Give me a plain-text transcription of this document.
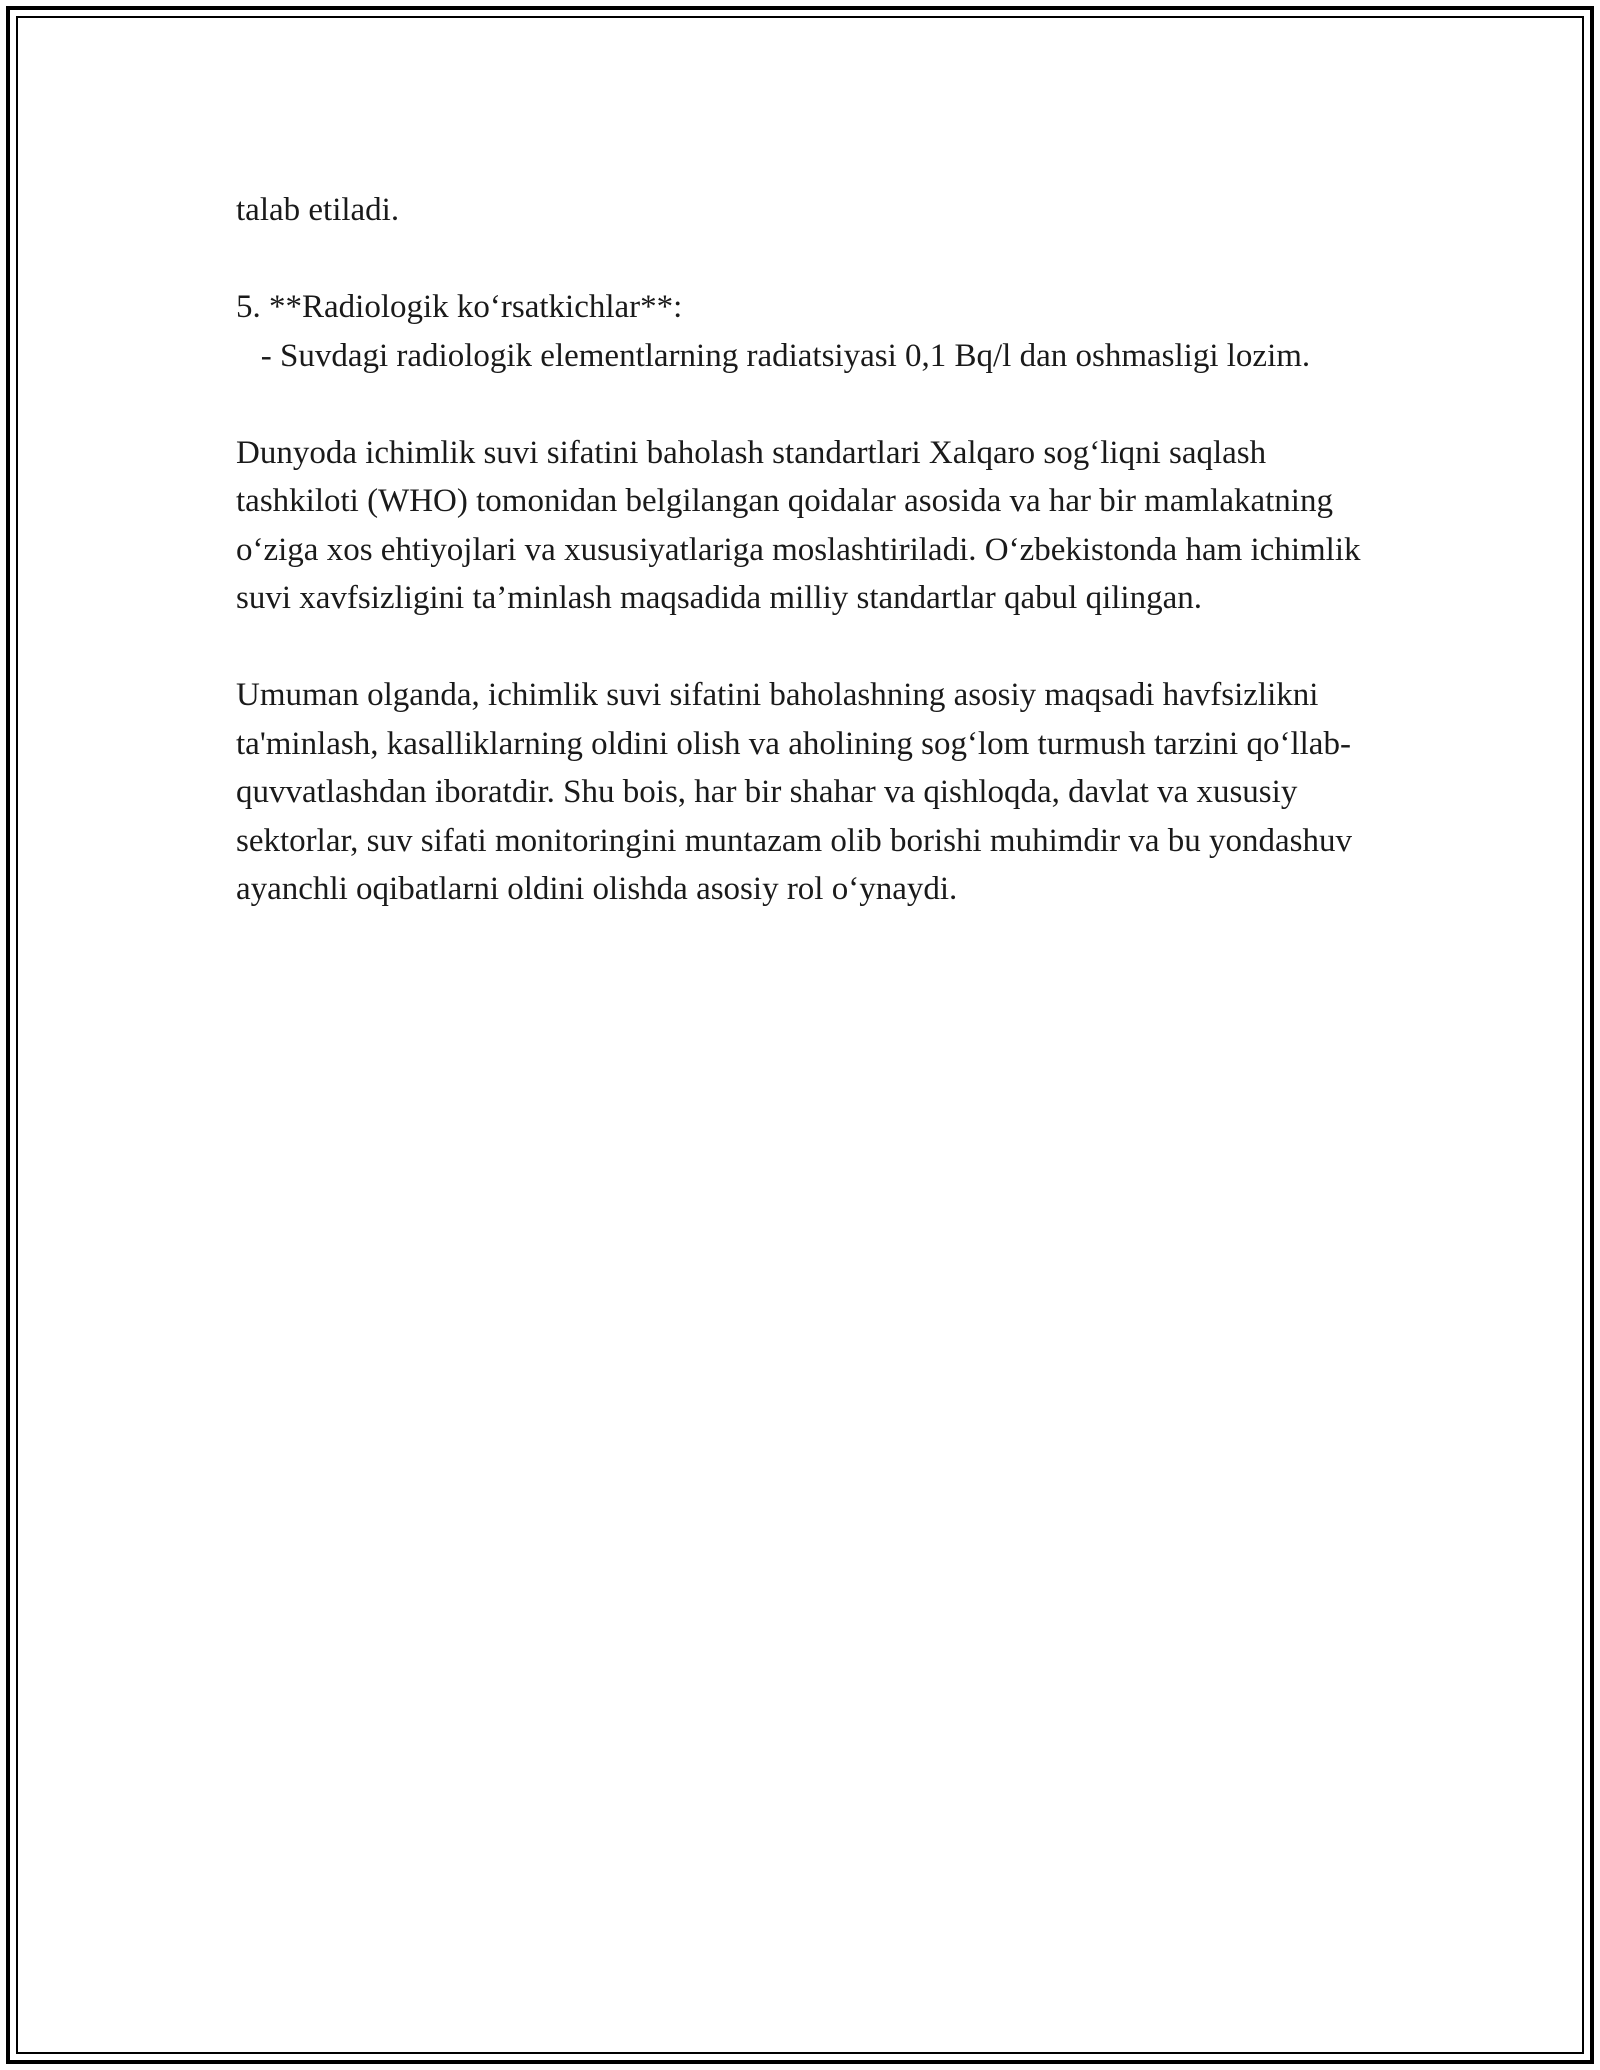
talab etiladi.

5. **Radiologik ko‘rsatkichlar**:

- Suvdagi radiologik elementlarning radiatsiyasi 0,1 Bq/l dan oshmasligi lozim.

Dunyoda ichimlik suvi sifatini baholash standartlari Xalqaro sog‘liqni saqlash tashkiloti (WHO) tomonidan belgilangan qoidalar asosida va har bir mamlakatning o‘ziga xos ehtiyojlari va xususiyatlariga moslashtiriladi. O‘zbekistonda ham ichimlik suvi xavfsizligini ta’minlash maqsadida milliy standartlar qabul qilingan.

Umuman olganda, ichimlik suvi sifatini baholashning asosiy maqsadi havfsizlikni ta'minlash, kasalliklarning oldini olish va aholining sog‘lom turmush tarzini qo‘llab-quvvatlashdan iboratdir. Shu bois, har bir shahar va qishloqda, davlat va xususiy sektorlar, suv sifati monitoringini muntazam olib borishi muhimdir va bu yondashuv ayanchli oqibatlarni oldini olishda asosiy rol o‘ynaydi.
